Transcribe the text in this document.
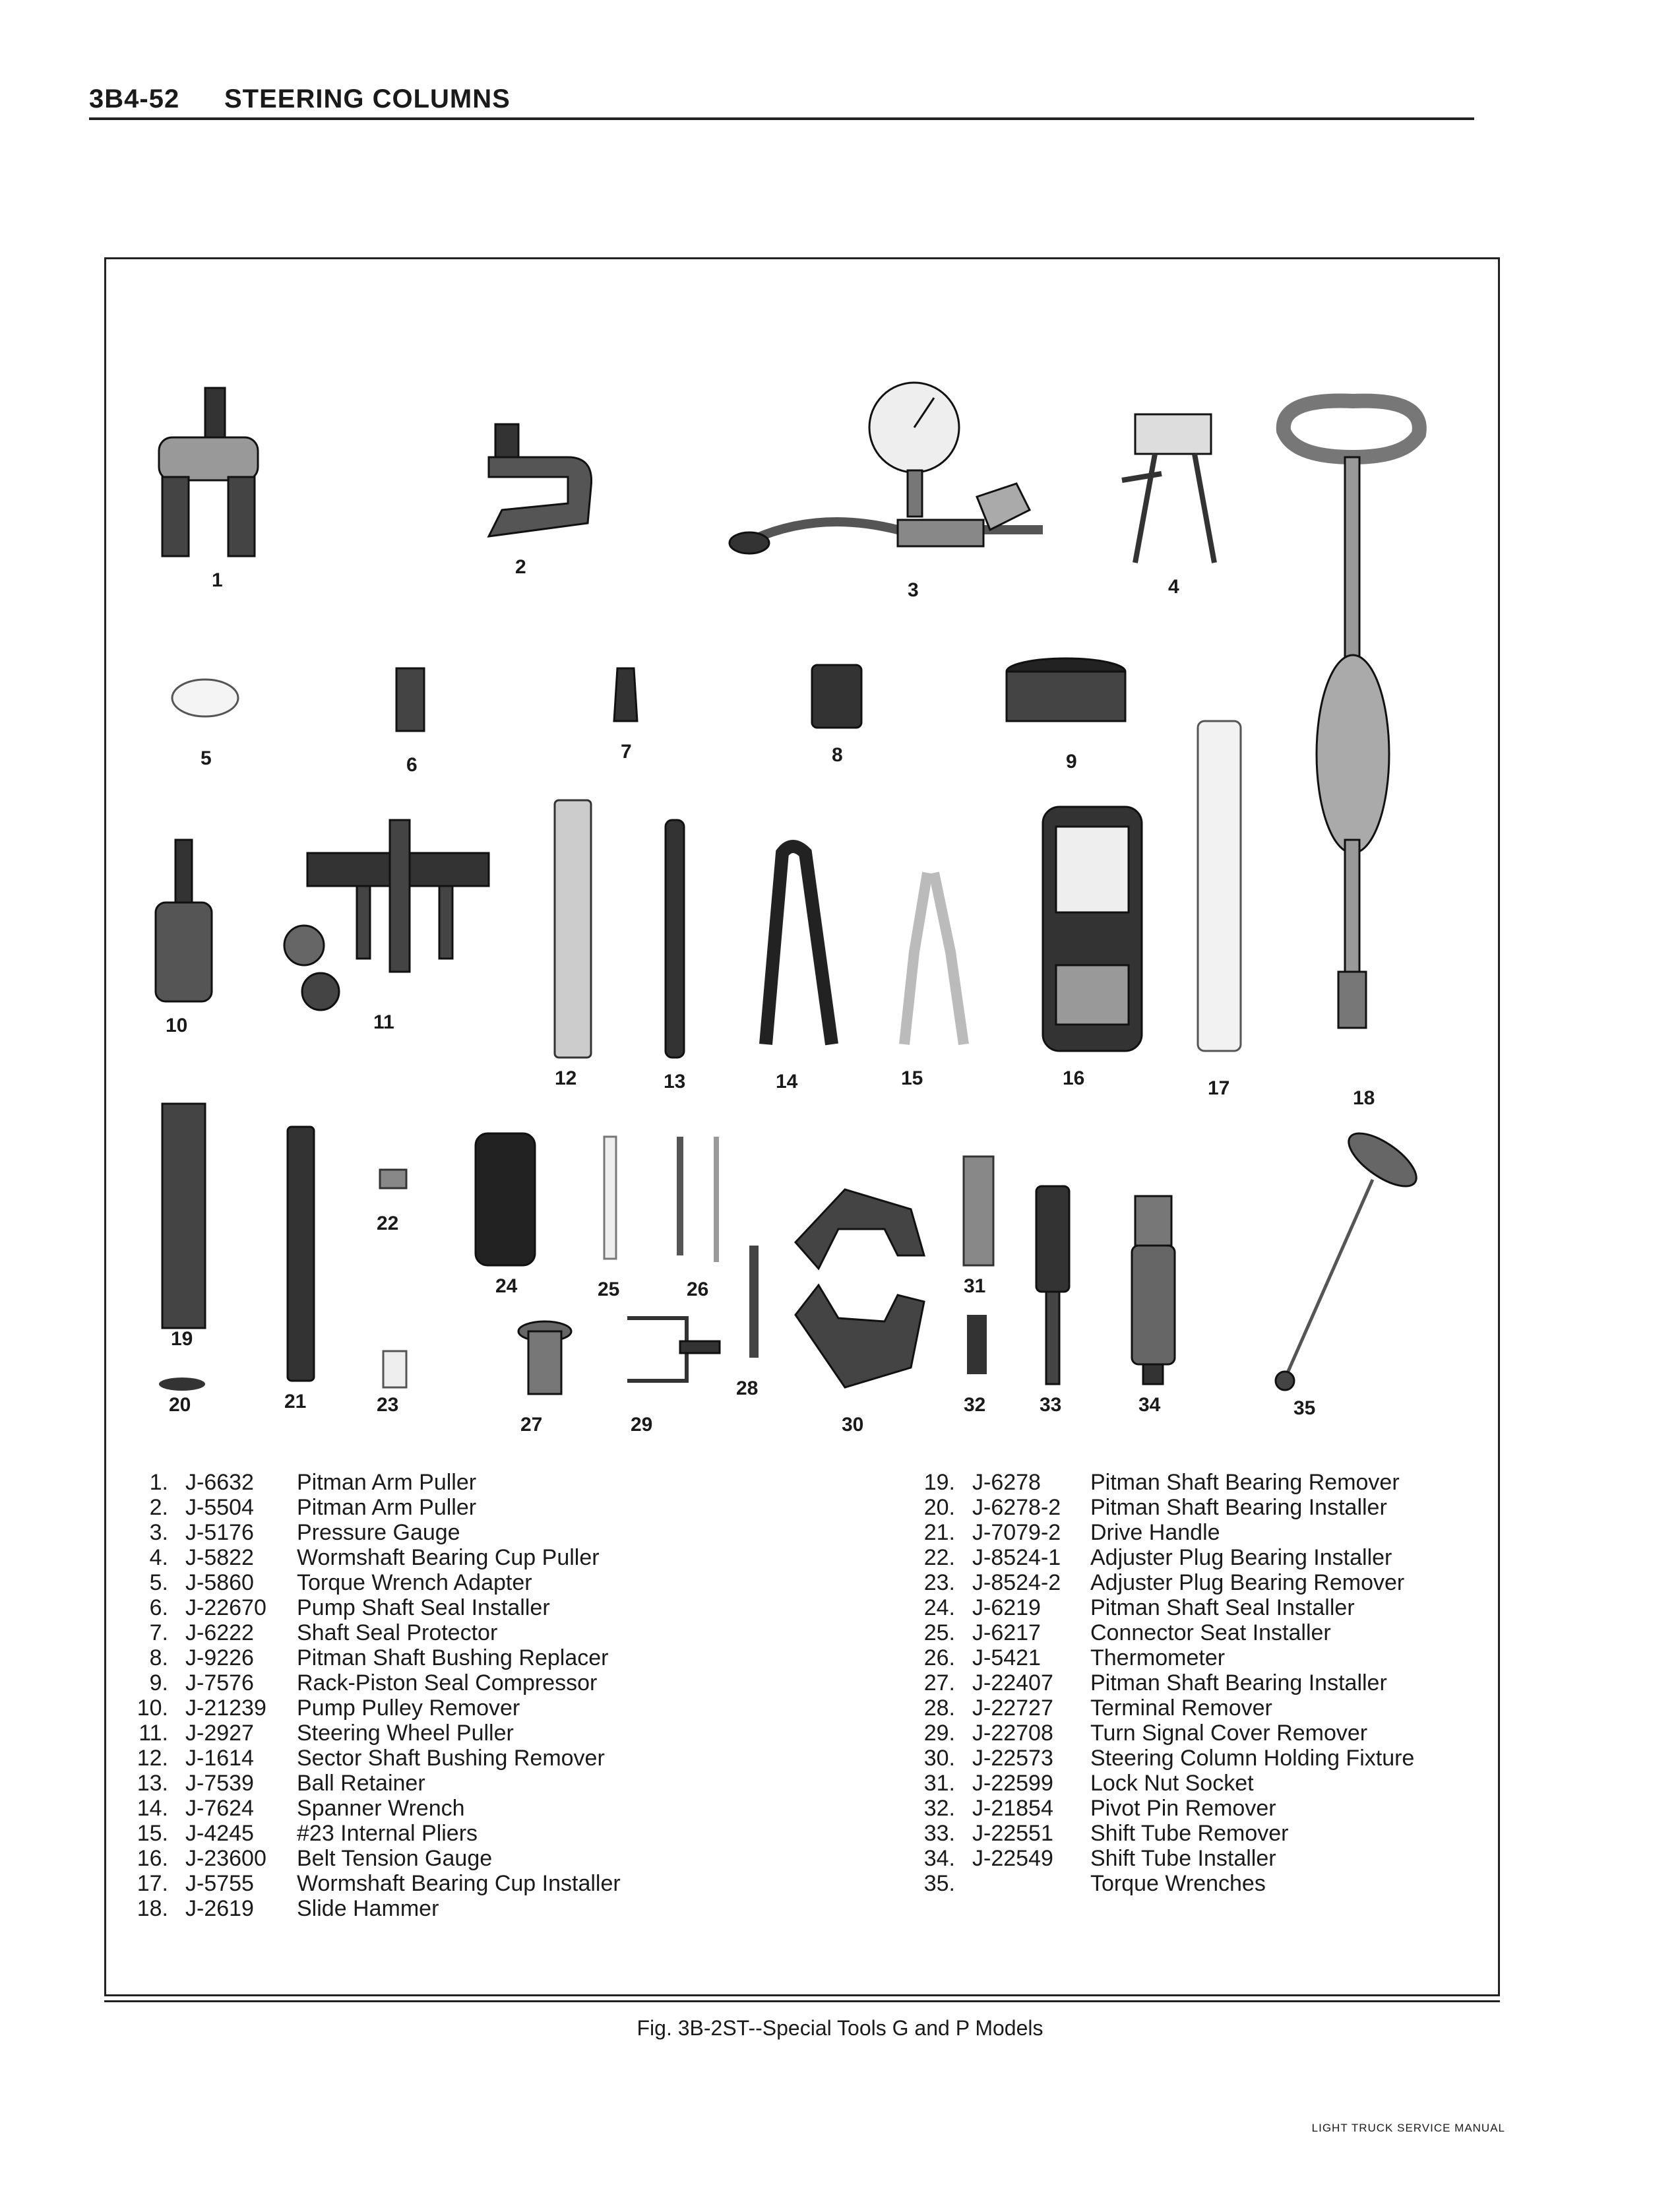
3B4-52 STEERING COLUMNS
1
2
3	4
5	6
7	8	9
10	11
12	13	14	15	16	17	18
19
20	21
22
23
24	25	26
27
28
29	30
31
32	33	34	35
1. J-6632 Pitman Arm Puller
2. J-5504 Pitman Arm Puller
3. J-5176 Pressure Gauge
4. J-5822 Wormshaft Bearing Cup Puller
5. J-5860 Torque Wrench Adapter
6. J-22670 Pump Shaft Seal Installer
7. J-6222 Shaft Seal Protector
8. J-9226 Pitman Shaft Bushing Replacer
9. J-7576 Rack-Piston Seal Compressor
10. J-21239 Pump Pulley Remover
11. J-2927 Steering Wheel Puller
12. J-1614 Sector Shaft Bushing Remover
13. J-7539 Ball Retainer
14. J-7624 Spanner Wrench
15. J-4245 #23 Internal Pliers
16. J-23600 Belt Tension Gauge
17. J-5755 Wormshaft Bearing Cup Installer
18. J-2619 Slide Hammer
19. J-6278 Pitman Shaft Bearing Remover
20. J-6278-2 Pitman Shaft Bearing Installer
21. J-7079-2 Drive Handle
22. J-8524-1 Adjuster Plug Bearing Installer
23. J-8524-2 Adjuster Plug Bearing Remover
24. J-6219 Pitman Shaft Seal Installer
25. J-6217 Connector Seat Installer
26. J-5421 Thermometer
27. J-22407 Pitman Shaft Bearing Installer
28. J-22727 Terminal Remover
29. J-22708 Turn Signal Cover Remover
30. J-22573 Steering Column Holding Fixture
31. J-22599 Lock Nut Socket
32. J-21854 Pivot Pin Remover
33. J-22551 Shift Tube Remover
34. J-22549 Shift Tube Installer
35.	Torque Wrenches
Fig. 3B-2ST--Special Tools G and P Models
LIGHT TRUCK SERVICE MANUAL
